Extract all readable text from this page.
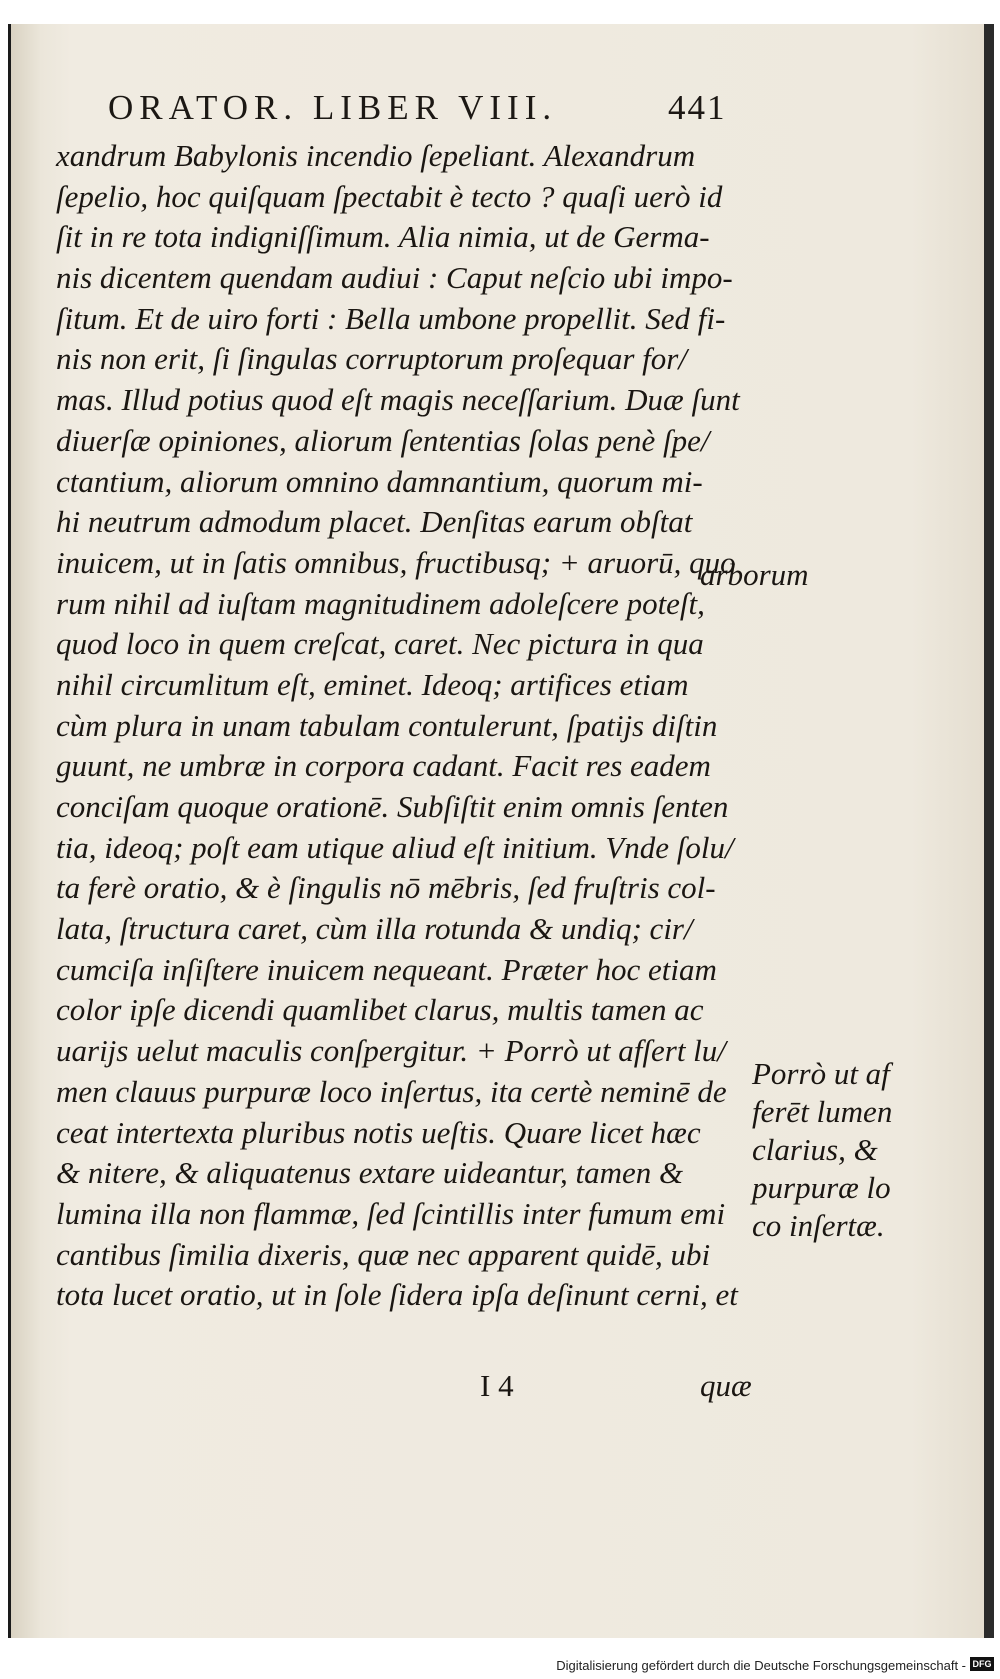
ORATOR. LIBER VIII.	441
xandrum Babylonis incendio ſepeliant. Alexandrum
ſepelio, hoc quiſquam ſpectabit è tecto ? quaſi uerò id
ſit in re tota indigniſſimum. Alia nimia, ut de Germa-
nis dicentem quendam audiui : Caput neſcio ubi impo-
ſitum. Et de uiro forti : Bella umbone propellit. Sed fi-
nis non erit, ſi ſingulas corruptorum proſequar for/
mas. Illud potius quod eſt magis neceſſarium. Duæ ſunt
diuerſæ opiniones, aliorum ſententias ſolas penè ſpe/
ctantium, aliorum omnino damnantium, quorum mi-
hi neutrum admodum placet. Denſitas earum obſtat
inuicem, ut in ſatis omnibus, fructibusq; + aruorū, quo
rum nihil ad iuſtam magnitudinem adoleſcere poteſt,
quod loco in quem creſcat, caret. Nec pictura in qua
nihil circumlitum eſt, eminet. Ideoq; artifices etiam
cùm plura in unam tabulam contulerunt, ſpatijs diſtin
guunt, ne umbræ in corpora cadant. Facit res eadem
conciſam quoque orationē. Subſiſtit enim omnis ſenten
tia, ideoq; poſt eam utique aliud eſt initium. Vnde ſolu/
ta ferè oratio, & è ſingulis nō mēbris, ſed fruſtris col-
lata, ſtructura caret, cùm illa rotunda & undiq; cir/
cumciſa inſiſtere inuicem nequeant. Præter hoc etiam
color ipſe dicendi quamlibet clarus, multis tamen ac
uarijs uelut maculis conſpergitur. + Porrò ut afſert lu/
men clauus purpuræ loco inſertus, ita certè neminē de
ceat intertexta pluribus notis ueſtis. Quare licet hæc
& nitere, & aliquatenus extare uideantur, tamen &
lumina illa non flammæ, ſed ſcintillis inter fumum emi
cantibus ſimilia dixeris, quæ nec apparent quidē, ubi
tota lucet oratio, ut in ſole ſidera ipſa deſinunt cerni, et
arborum
Porrò ut af
ferēt lumen
clarius, &
purpuræ lo
co inſertæ.
I 4	quæ
Digitalisierung gefördert durch die Deutsche Forschungsgemeinschaft - DFG
